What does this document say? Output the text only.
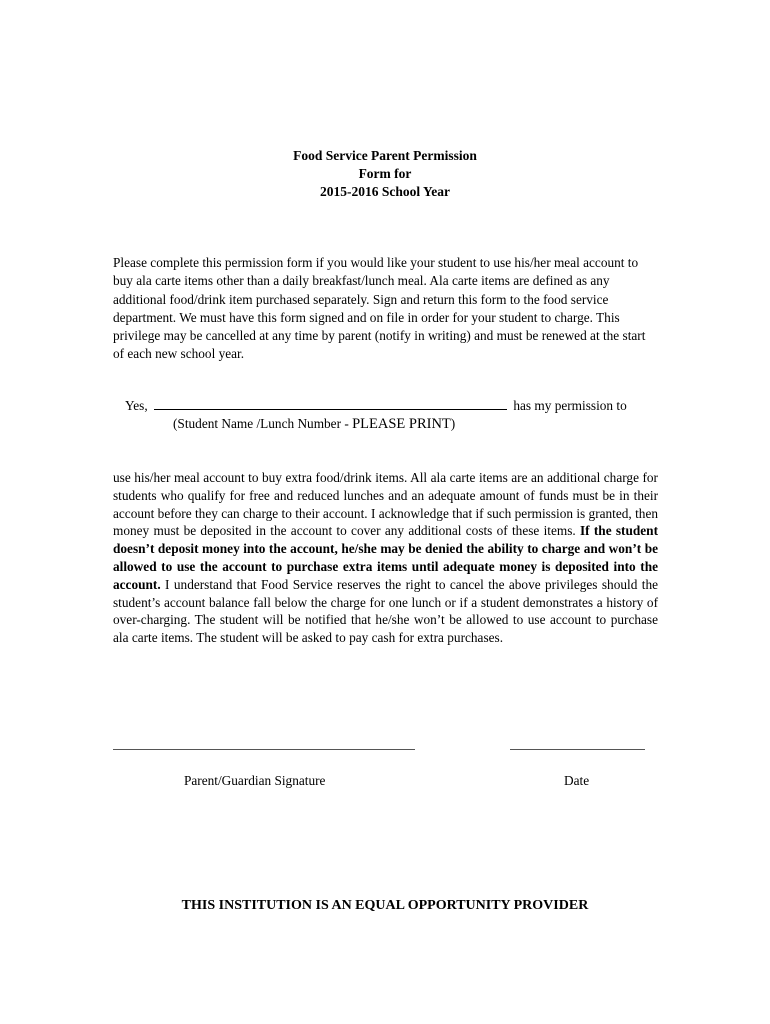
Food Service Parent Permission
Form for
2015-2016 School Year
Please complete this permission form if you would like your student to use his/her meal account to buy ala carte items other than a daily breakfast/lunch meal. Ala carte items are defined as any additional food/drink item purchased separately. Sign and return this form to the food service department. We must have this form signed and on file in order for your student to charge. This privilege may be cancelled at any time by parent (notify in writing) and must be renewed at the start of each new school year.
Yes,	has my permission to
(Student Name /Lunch Number - PLEASE PRINT)
use his/her meal account to buy extra food/drink items. All ala carte items are an additional charge for students who qualify for free and reduced lunches and an adequate amount of funds must be in their account before they can charge to their account. I acknowledge that if such permission is granted, then money must be deposited in the account to cover any additional costs of these items. If the student doesn’t deposit money into the account, he/she may be denied the ability to charge and won’t be allowed to use the account to purchase extra items until adequate money is deposited into the account. I understand that Food Service reserves the right to cancel the above privileges should the student’s account balance fall below the charge for one lunch or if a student demonstrates a history of over-charging. The student will be notified that he/she won’t be allowed to use account to purchase ala carte items. The student will be asked to pay cash for extra purchases.
Parent/Guardian Signature	Date
THIS INSTITUTION IS AN EQUAL OPPORTUNITY PROVIDER
